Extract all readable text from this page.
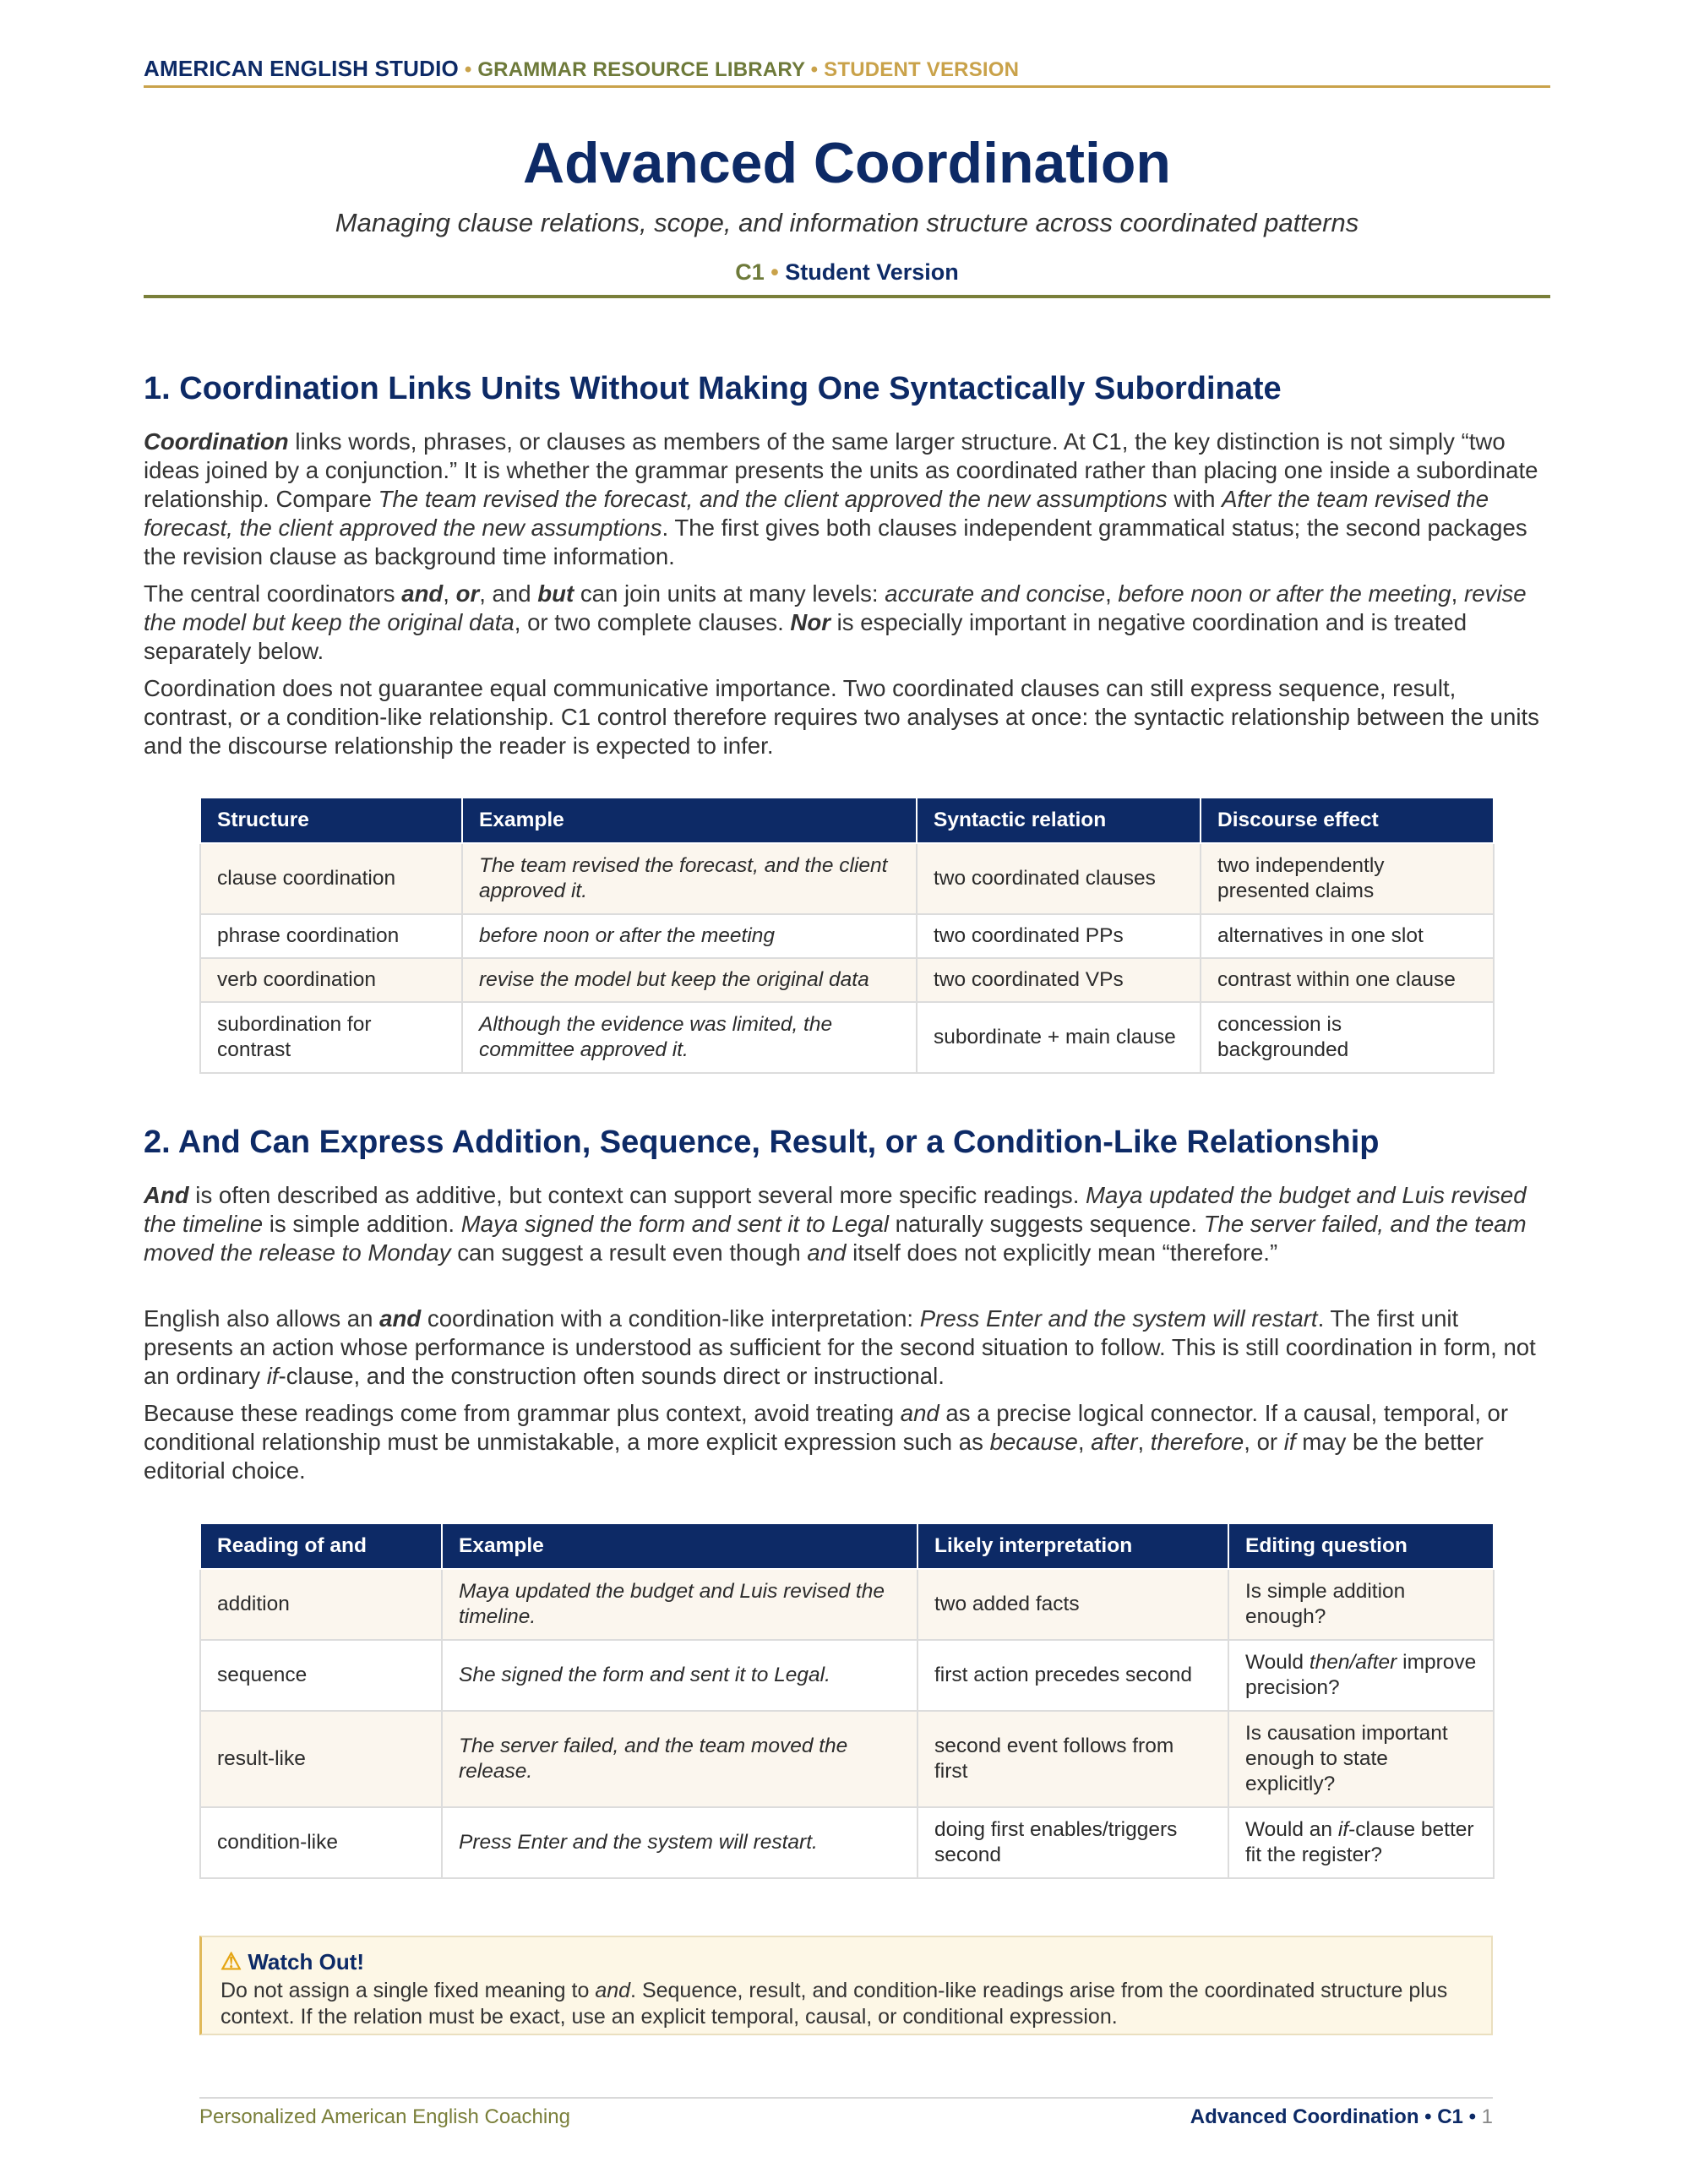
AMERICAN ENGLISH STUDIO • GRAMMAR RESOURCE LIBRARY • STUDENT VERSION
Advanced Coordination

Managing clause relations, scope, and information structure across coordinated patterns

C1 • Student Version
1. Coordination Links Units Without Making One Syntactically Subordinate

Coordination links words, phrases, or clauses as members of the same larger structure. At C1, the key distinction is not simply “two ideas joined by a conjunction.” It is whether the grammar presents the units as coordinated rather than placing one inside a subordinate relationship. Compare The team revised the forecast, and the client approved the new assumptions with After the team revised the forecast, the client approved the new assumptions. The first gives both clauses independent grammatical status; the second packages the revision clause as background time information.

The central coordinators and, or, and but can join units at many levels: accurate and concise, before noon or after the meeting, revise the model but keep the original data, or two complete clauses. Nor is especially important in negative coordination and is treated separately below.

Coordination does not guarantee equal communicative importance. Two coordinated clauses can still express sequence, result, contrast, or a condition-like relationship. C1 control therefore requires two analyses at once: the syntactic relationship between the units and the discourse relationship the reader is expected to infer.

Structure	Example	Syntactic relation	Discourse effect
clause coordination	The team revised the forecast, and the client approved it.	two coordinated clauses	two independently presented claims
phrase coordination	before noon or after the meeting	two coordinated PPs	alternatives in one slot
verb coordination	revise the model but keep the original data	two coordinated VPs	contrast within one clause
subordination for contrast	Although the evidence was limited, the committee approved it.	subordinate + main clause	concession is backgrounded
2. And Can Express Addition, Sequence, Result, or a Condition-Like Relationship

And is often described as additive, but context can support several more specific readings. Maya updated the budget and Luis revised the timeline is simple addition. Maya signed the form and sent it to Legal naturally suggests sequence. The server failed, and the team moved the release to Monday can suggest a result even though and itself does not explicitly mean “therefore.”

English also allows an and coordination with a condition-like interpretation: Press Enter and the system will restart. The first unit presents an action whose performance is understood as sufficient for the second situation to follow. This is still coordination in form, not an ordinary if-clause, and the construction often sounds direct or instructional.

Because these readings come from grammar plus context, avoid treating and as a precise logical connector. If a causal, temporal, or conditional relationship must be unmistakable, a more explicit expression such as because, after, therefore, or if may be the better editorial choice.

Reading of and	Example	Likely interpretation	Editing question
addition	Maya updated the budget and Luis revised the timeline.	two added facts	Is simple addition enough?
sequence	She signed the form and sent it to Legal.	first action precedes second	Would then/after improve precision?
result-like	The server failed, and the team moved the release.	second event follows from first	Is causation important enough to state explicitly?
condition-like	Press Enter and the system will restart.	doing first enables/triggers second	Would an if-clause better fit the register?
⚠ Watch Out!
Do not assign a single fixed meaning to and. Sequence, result, and condition-like readings arise from the coordinated structure plus context. If the relation must be exact, use an explicit temporal, causal, or conditional expression.
Personalized American English Coaching	Advanced Coordination • C1 • 1
